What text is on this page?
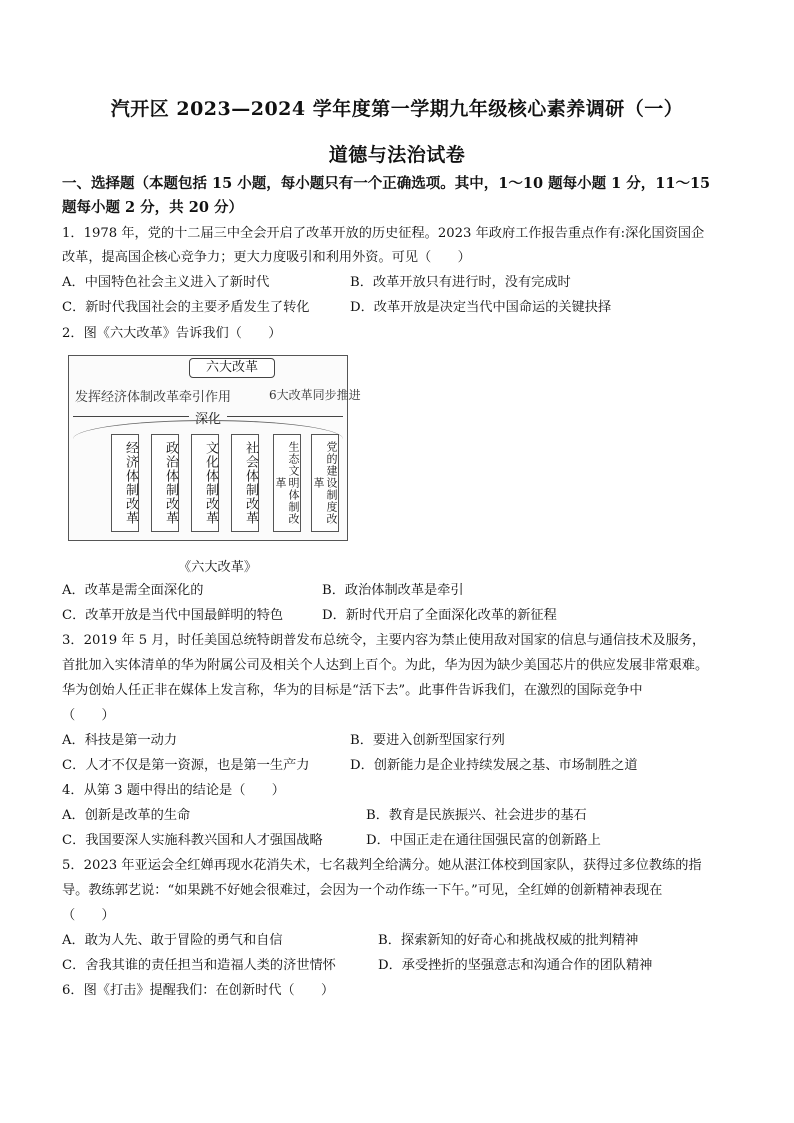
汽开区 2023—2024 学年度第一学期九年级核心素养调研（一）
道德与法治试卷
一、选择题（本题包括 15 小题，每小题只有一个正确选项。其中，1～10 题每小题 1 分，11～15
题每小题 2 分，共 20 分）
1．1978 年，党的十二届三中全会开启了改革开放的历史征程。2023 年政府工作报告重点作有:深化国资国企
改革，提高国企核心竞争力；更大力度吸引和利用外资。可见（　　）
A．中国特色社会主义进入了新时代	B．改革开放只有进行时，没有完成时
C．新时代我国社会的主要矛盾发生了转化	D．改革开放是决定当代中国命运的关键抉择
2．图《六大改革》告诉我们（　　）
六大改革
发挥经济体制改革牵引作用	6大改革同步推进
深化
经济体制改革	政治体制改革	文化体制改革	社会体制改革	生态文明体制改革	党的建设制度改革
《六大改革》
A．改革是需全面深化的	B．政治体制改革是牵引
C．改革开放是当代中国最鲜明的特色	D．新时代开启了全面深化改革的新征程
3．2019 年 5 月，时任美国总统特朗普发布总统令，主要内容为禁止使用敌对国家的信息与通信技术及服务，
首批加入实体清单的华为附属公司及相关个人达到上百个。为此，华为因为缺少美国芯片的供应发展非常艰难。
华为创始人任正非在媒体上发言称，华为的目标是“活下去”。此事件告诉我们，在激烈的国际竞争中
（　　）
A．科技是第一动力	B．要进入创新型国家行列
C．人才不仅是第一资源，也是第一生产力	D．创新能力是企业持续发展之基、市场制胜之道
4．从第 3 题中得出的结论是（　　）
A．创新是改革的生命	B．教育是民族振兴、社会进步的基石
C．我国要深人实施科教兴国和人才强国战略	D．中国正走在通往国强民富的创新路上
5．2023 年亚运会全红婵再现水花消失术，七名裁判全给满分。她从湛江体校到国家队，获得过多位教练的指
导。教练郭艺说：“如果跳不好她会很难过，会因为一个动作练一下午。”可见，全红婵的创新精神表现在
（　　）
A．敢为人先、敢于冒险的勇气和自信	B．探索新知的好奇心和挑战权威的批判精神
C．舍我其谁的责任担当和造福人类的济世情怀	D．承受挫折的坚强意志和沟通合作的团队精神
6．图《打击》提醒我们：在创新时代（　　）
